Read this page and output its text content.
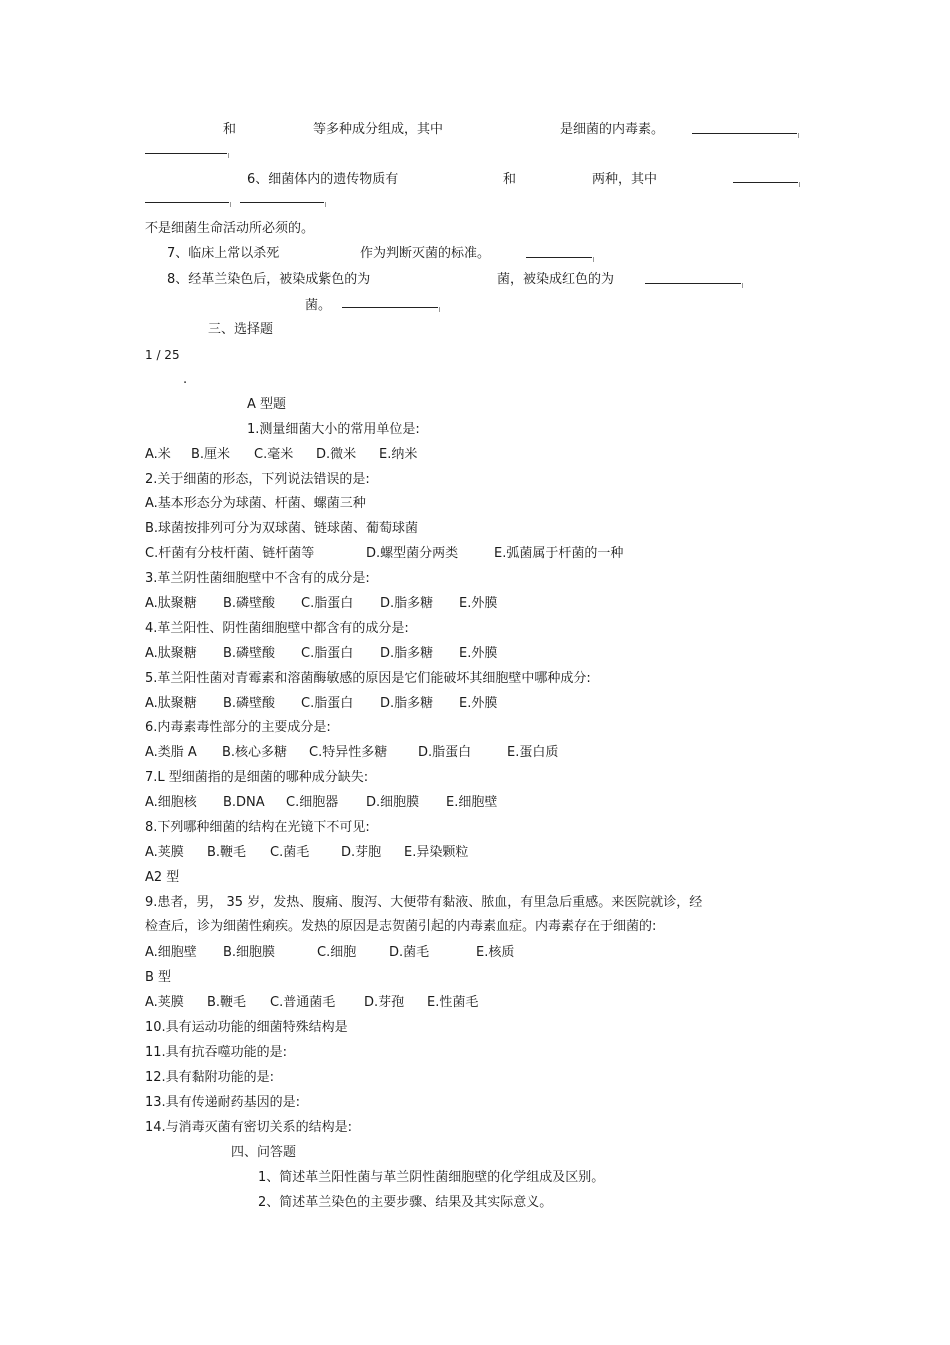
和	等多种成分组成，其中	是细菌的内毒素。
6、细菌体内的遗传物质有	和	两种，其中
不是细菌生命活动所必须的。
7、临床上常以杀死	作为判断灭菌的标准。
8、经革兰染色后，被染成紫色的为	菌，被染成红色的为
菌。
三、选择题
1 / 25
.
A 型题
1.测量细菌大小的常用单位是:
A.米 B.厘米 C.毫米 D.微米 E.纳米
2.关于细菌的形态，下列说法错误的是:
A.基本形态分为球菌、杆菌、螺菌三种
B.球菌按排列可分为双球菌、链球菌、葡萄球菌
C.杆菌有分枝杆菌、链杆菌等	D.螺型菌分两类	E.弧菌属于杆菌的一种
3.革兰阴性菌细胞壁中不含有的成分是:
A.肽聚糖 B.磷壁酸 C.脂蛋白 D.脂多糖 E.外膜
4.革兰阳性、阴性菌细胞壁中都含有的成分是:
A.肽聚糖 B.磷壁酸 C.脂蛋白 D.脂多糖 E.外膜
5.革兰阳性菌对青霉素和溶菌酶敏感的原因是它们能破坏其细胞壁中哪种成分:
A.肽聚糖 B.磷壁酸 C.脂蛋白 D.脂多糖 E.外膜
6.内毒素毒性部分的主要成分是:
A.类脂 A B.核心多糖 C.特异性多糖 D.脂蛋白	E.蛋白质
7.L 型细菌指的是细菌的哪种成分缺失:
A.细胞核 B.DNA C.细胞器 D.细胞膜 E.细胞壁
8.下列哪种细菌的结构在光镜下不可见:
A.荚膜 B.鞭毛 C.菌毛 D.芽胞 E.异染颗粒
A2 型
9.患者，男， 35 岁，发热、腹痛、腹泻、大便带有黏液、脓血，有里急后重感。来医院就诊，经
检查后，诊为细菌性痢疾。发热的原因是志贺菌引起的内毒素血症。内毒素存在于细菌的:
A.细胞壁 B.细胞膜	C.细胞	D.菌毛	E.核质
B 型
A.荚膜 B.鞭毛 C.普通菌毛 D.芽孢 E.性菌毛
10.具有运动功能的细菌特殊结构是
11.具有抗吞噬功能的是:
12.具有黏附功能的是:
13.具有传递耐药基因的是:
14.与消毒灭菌有密切关系的结构是:
四、问答题
1、简述革兰阳性菌与革兰阴性菌细胞壁的化学组成及区别。
2、简述革兰染色的主要步骤、结果及其实际意义。
